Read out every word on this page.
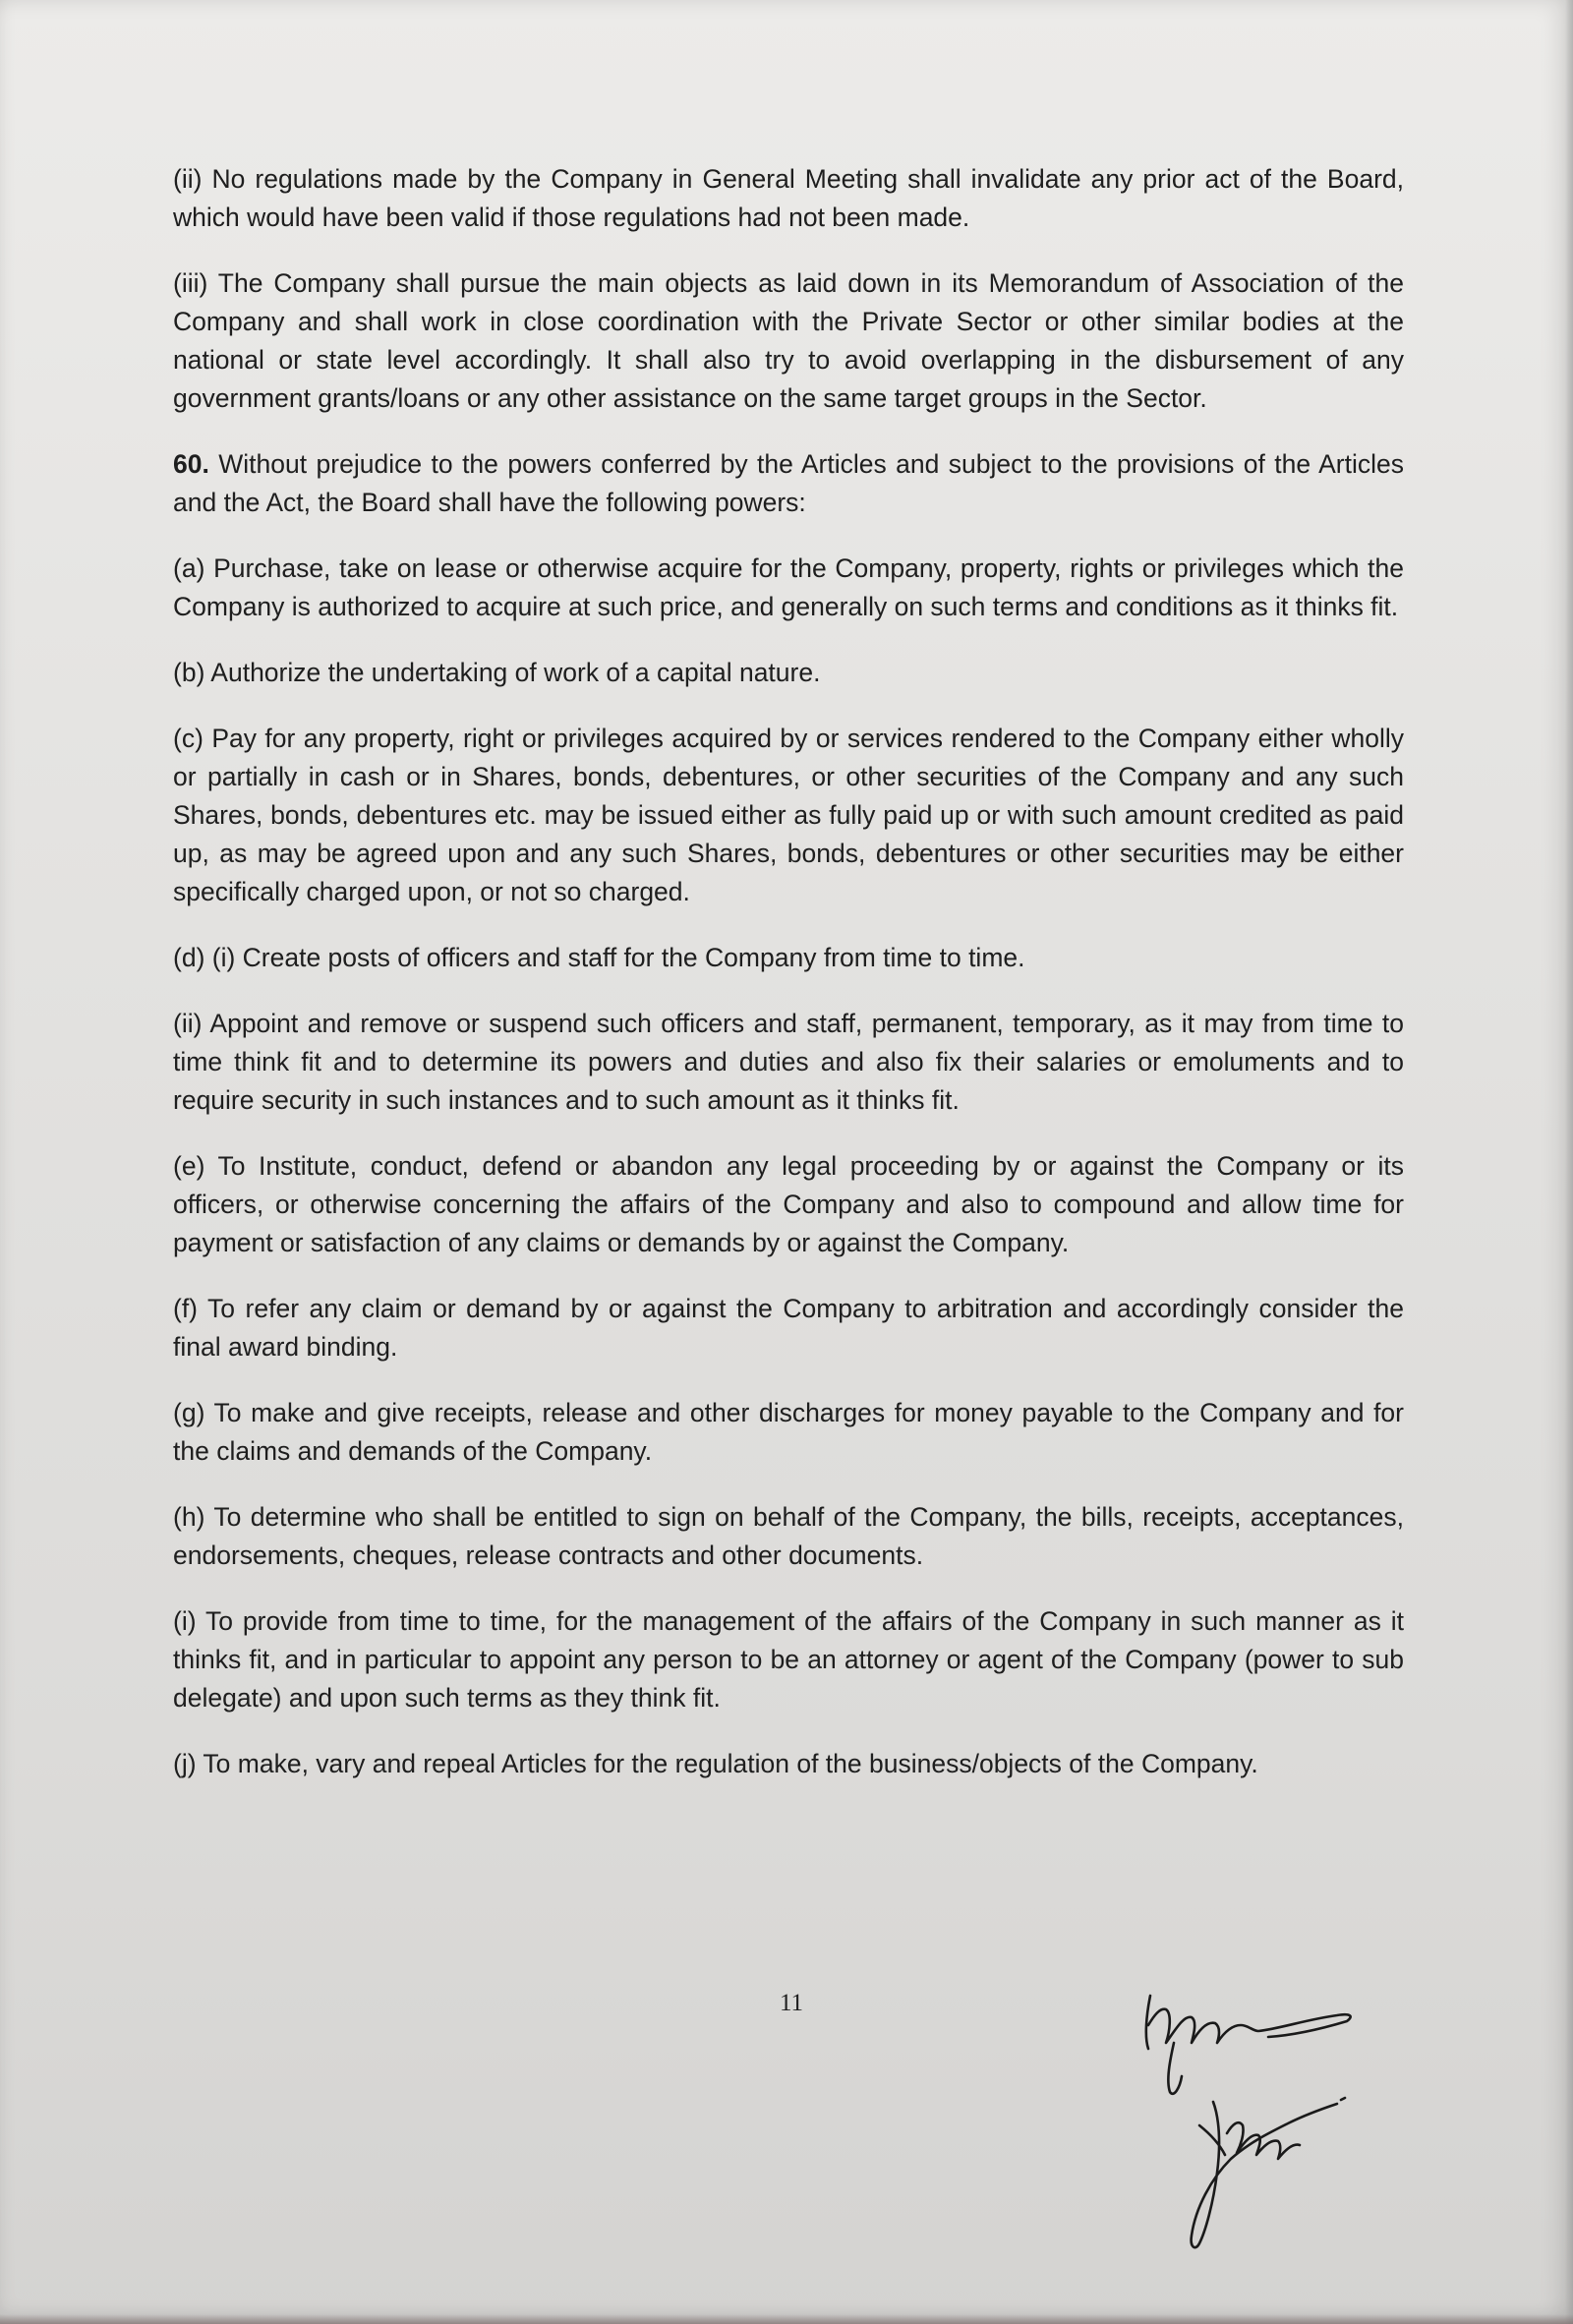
(ii) No regulations made by the Company in General Meeting shall invalidate any prior act of the Board, which would have been valid if those regulations had not been made.

(iii) The Company shall pursue the main objects as laid down in its Memorandum of Association of the Company and shall work in close coordination with the Private Sector or other similar bodies at the national or state level accordingly. It shall also try to avoid overlapping in the disbursement of any government grants/loans or any other assistance on the same target groups in the Sector.

60. Without prejudice to the powers conferred by the Articles and subject to the provisions of the Articles and the Act, the Board shall have the following powers:

(a) Purchase, take on lease or otherwise acquire for the Company, property, rights or privileges which the Company is authorized to acquire at such price, and generally on such terms and conditions as it thinks fit.

(b) Authorize the undertaking of work of a capital nature.

(c) Pay for any property, right or privileges acquired by or services rendered to the Company either wholly or partially in cash or in Shares, bonds, debentures, or other securities of the Company and any such Shares, bonds, debentures etc. may be issued either as fully paid up or with such amount credited as paid up, as may be agreed upon and any such Shares, bonds, debentures or other securities may be either specifically charged upon, or not so charged.

(d) (i) Create posts of officers and staff for the Company from time to time.

(ii) Appoint and remove or suspend such officers and staff, permanent, temporary, as it may from time to time think fit and to determine its powers and duties and also fix their salaries or emoluments and to require security in such instances and to such amount as it thinks fit.

(e) To Institute, conduct, defend or abandon any legal proceeding by or against the Company or its officers, or otherwise concerning the affairs of the Company and also to compound and allow time for payment or satisfaction of any claims or demands by or against the Company.

(f) To refer any claim or demand by or against the Company to arbitration and accordingly consider the final award binding.

(g) To make and give receipts, release and other discharges for money payable to the Company and for the claims and demands of the Company.

(h) To determine who shall be entitled to sign on behalf of the Company, the bills, receipts, acceptances, endorsements, cheques, release contracts and other documents.

(i) To provide from time to time, for the management of the affairs of the Company in such manner as it thinks fit, and in particular to appoint any person to be an attorney or agent of the Company (power to sub delegate) and upon such terms as they think fit.

(j) To make, vary and repeal Articles for the regulation of the business/objects of the Company.

11
